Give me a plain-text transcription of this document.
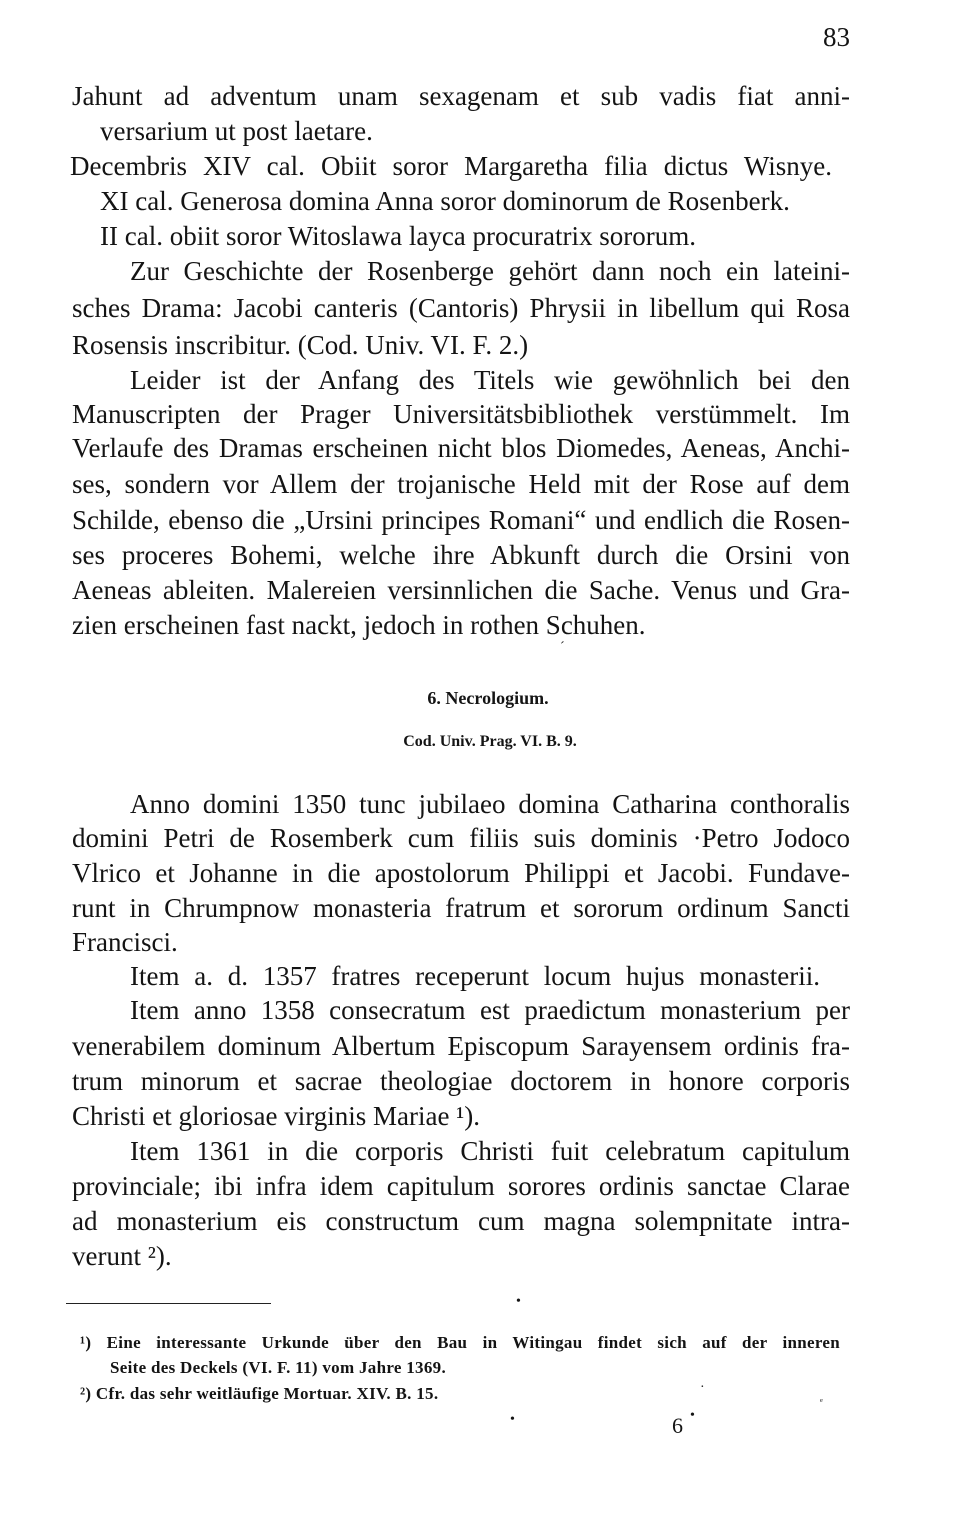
83
Jahunt ad adventum unam sexagenam et sub vadis fiat anni-
versarium ut post laetare.
Decembris XIV cal. Obiit soror Margaretha filia dictus Wisnye.
XI cal. Generosa domina Anna soror dominorum de Rosenberk.
II cal. obiit soror Witoslawa layca procuratrix sororum.
Zur Geschichte der Rosenberge gehört dann noch ein lateini-
sches Drama: Jacobi canteris (Cantoris) Phrysii in libellum qui Rosa
Rosensis inscribitur. (Cod. Univ. VI. F. 2.)
Leider ist der Anfang des Titels wie gewöhnlich bei den
Manuscripten der Prager Universitätsbibliothek verstümmelt. Im
Verlaufe des Dramas erscheinen nicht blos Diomedes, Aeneas, Anchi-
ses, sondern vor Allem der trojanische Held mit der Rose auf dem
Schilde, ebenso die „Ursini principes Romani“ und endlich die Rosen-
ses proceres Bohemi, welche ihre Abkunft durch die Orsini von
Aeneas ableiten. Malereien versinnlichen die Sache. Venus und Gra-
zien erscheinen fast nackt, jedoch in rothen Schuhen.
ˊ
6. Necrologium.
Cod. Univ. Prag. VI. B. 9.
Anno domini 1350 tunc jubilaeo domina Catharina conthoralis
domini Petri de Rosemberk cum filiis suis dominis ·Petro Jodoco
Vlrico et Johanne in die apostolorum Philippi et Jacobi. Fundave-
runt in Chrumpnow monasteria fratrum et sororum ordinum Sancti
Francisci.
Item a. d. 1357 fratres receperunt locum hujus monasterii.
Item anno 1358 consecratum est praedictum monasterium per
venerabilem dominum Albertum Episcopum Sarayensem ordinis fra-
trum minorum et sacrae theologiae doctorem in honore corporis
Christi et gloriosae virginis Mariae ¹).
Item 1361 in die corporis Christi fuit celebratum capitulum
provinciale; ibi infra idem capitulum sorores ordinis sanctae Clarae
ad monasterium eis constructum cum magna solempnitate intra-
verunt ²).
•
¹) Eine interessante Urkunde über den Bau in Witingau findet sich auf der inneren
Seite des Deckels (VI. F. 11) vom Jahre 1369.
²) Cfr. das sehr weitläufige Mortuar. XIV. B. 15.	·
•	6 •
ᵉ
